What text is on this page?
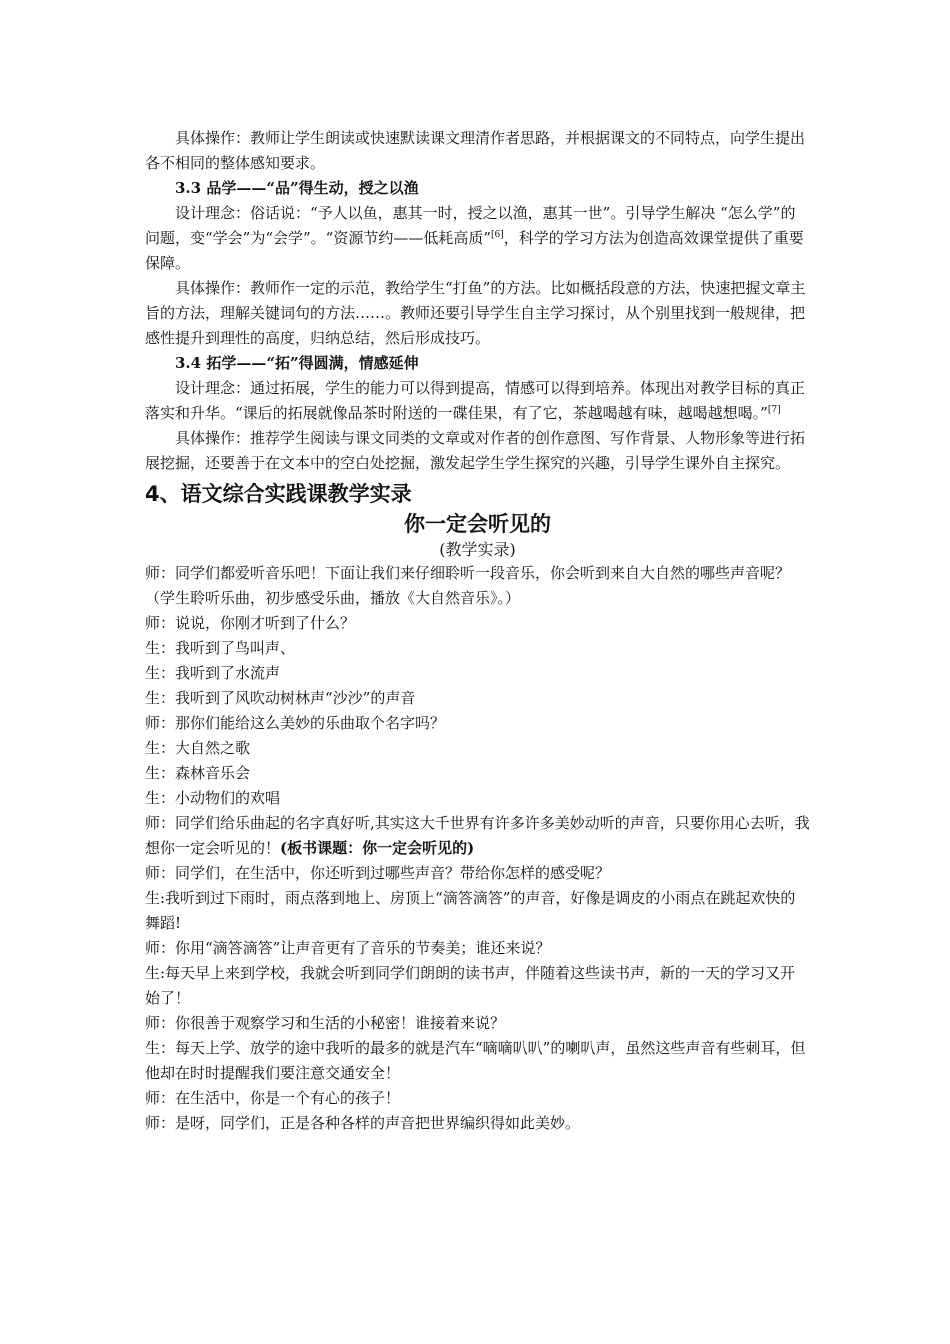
具体操作：教师让学生朗读或快速默读课文理清作者思路，并根据课文的不同特点，向学生提出各不相同的整体感知要求。

3.3 品学——“品”得生动，授之以渔

设计理念：俗话说：“予人以鱼，惠其一时，授之以渔，惠其一世”。引导学生解决 “怎么学”的问题，变“学会”为“会学”。“资源节约——低耗高质”[6]，科学的学习方法为创造高效课堂提供了重要保障。

具体操作：教师作一定的示范，教给学生“打鱼”的方法。比如概括段意的方法，快速把握文章主旨的方法，理解关键词句的方法……。教师还要引导学生自主学习探讨，从个别里找到一般规律，把感性提升到理性的高度，归纳总结，然后形成技巧。

3.4 拓学——“拓”得圆满，情感延伸

设计理念：通过拓展，学生的能力可以得到提高，情感可以得到培养。体现出对教学目标的真正落实和升华。“课后的拓展就像品茶时附送的一碟佳果，有了它，茶越喝越有味，越喝越想喝。”[7]

具体操作：推荐学生阅读与课文同类的文章或对作者的创作意图、写作背景、人物形象等进行拓展挖掘，还要善于在文本中的空白处挖掘，激发起学生学生探究的兴趣，引导学生课外自主探究。

4、语文综合实践课教学实录

你一定会听见的

(教学实录)

师：同学们都爱听音乐吧！下面让我们来仔细聆听一段音乐，你会听到来自大自然的哪些声音呢？

（学生聆听乐曲，初步感受乐曲，播放《大自然音乐》。）

师：说说，你刚才听到了什么？

生：我听到了鸟叫声、

生：我听到了水流声

生：我听到了风吹动树林声“沙沙”的声音

师：那你们能给这么美妙的乐曲取个名字吗？

生：大自然之歌

生：森林音乐会

生：小动物们的欢唱

师：同学们给乐曲起的名字真好听,其实这大千世界有许多许多美妙动听的声音，只要你用心去听，我想你一定会听见的！(板书课题：你一定会听见的)

师：同学们，在生活中，你还听到过哪些声音？带给你怎样的感受呢？

生:我听到过下雨时，雨点落到地上、房顶上“滴答滴答”的声音，好像是调皮的小雨点在跳起欢快的舞蹈!

师：你用“滴答滴答”让声音更有了音乐的节奏美；谁还来说？

生:每天早上来到学校，我就会听到同学们朗朗的读书声，伴随着这些读书声，新的一天的学习又开始了！

师：你很善于观察学习和生活的小秘密！谁接着来说？

生：每天上学、放学的途中我听的最多的就是汽车“嘀嘀叭叭”的喇叭声，虽然这些声音有些刺耳，但他却在时时提醒我们要注意交通安全！

师：在生活中，你是一个有心的孩子！

师：是呀，同学们，正是各种各样的声音把世界编织得如此美妙。
